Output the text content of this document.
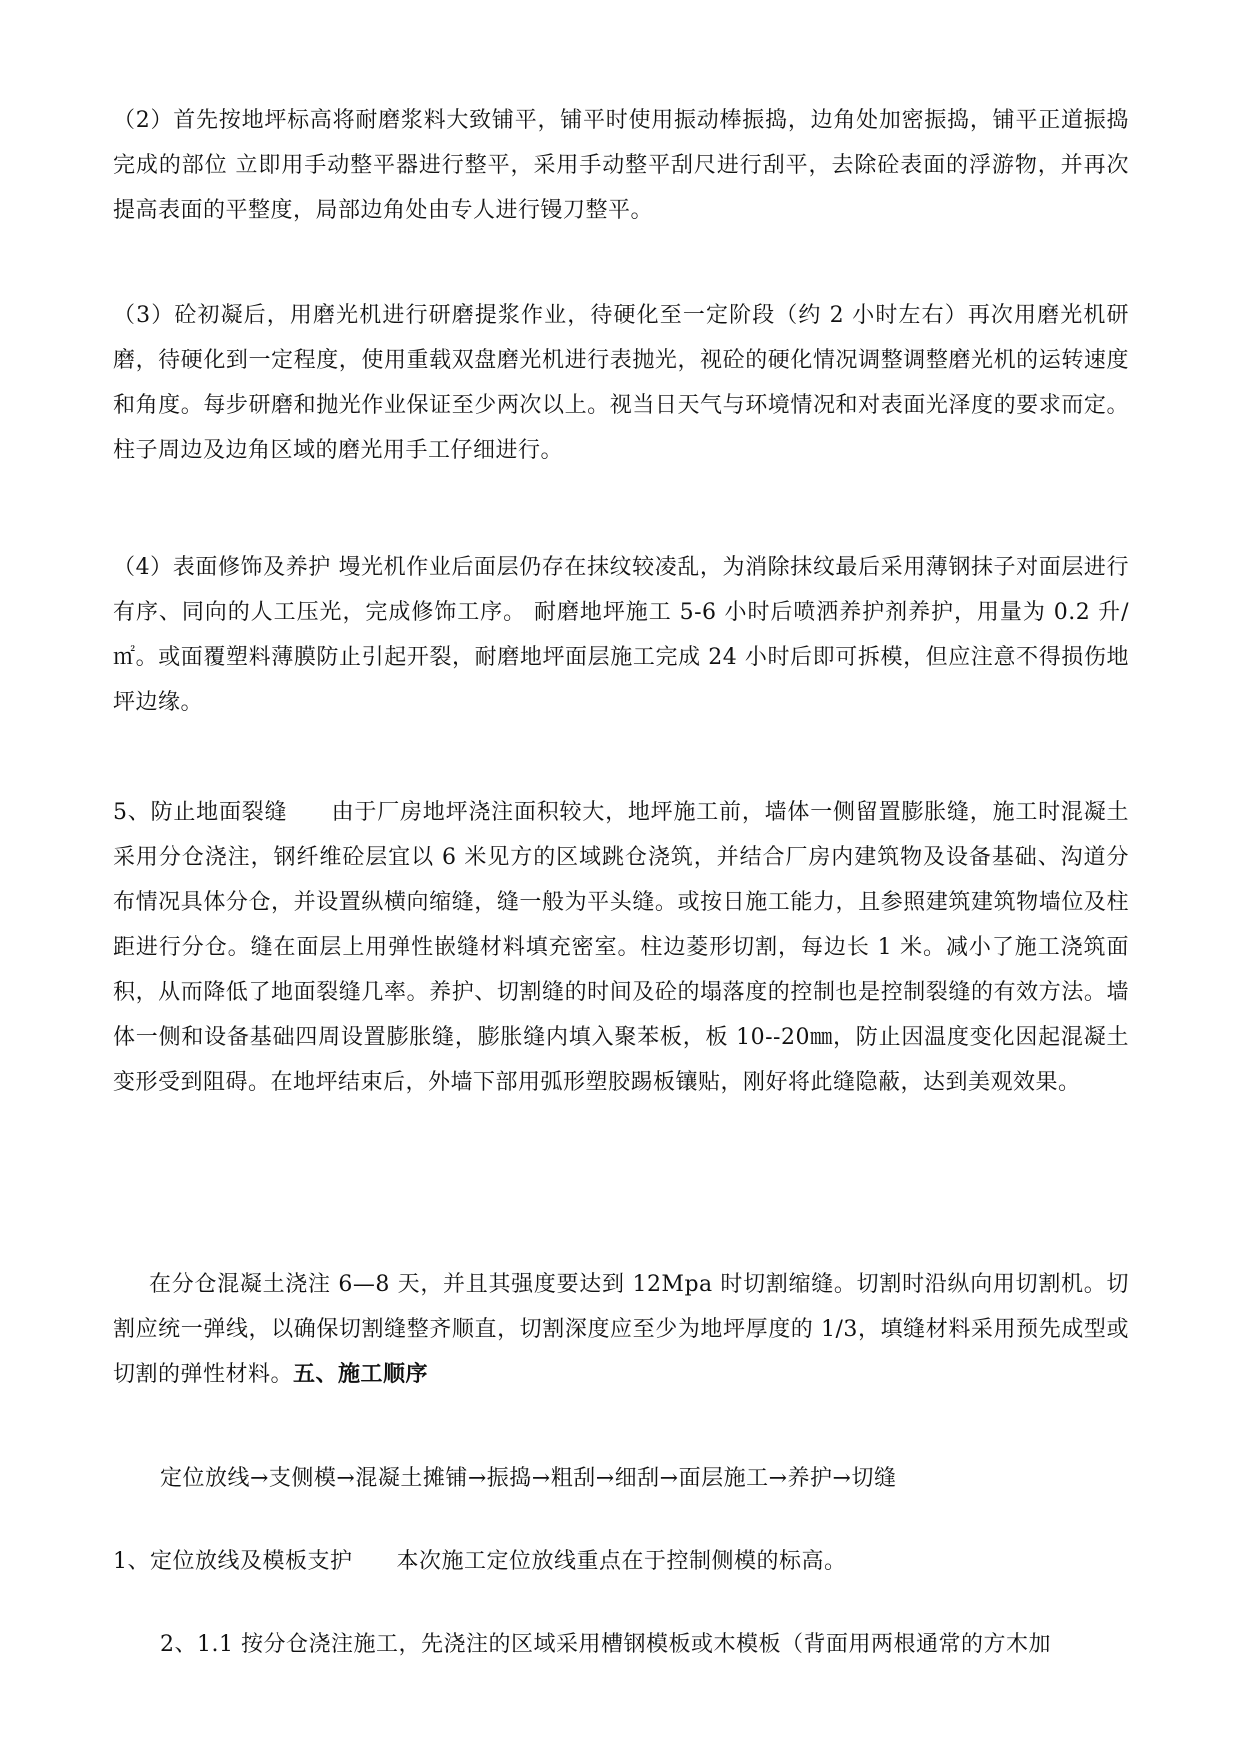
（2）首先按地坪标高将耐磨浆料大致铺平，铺平时使用振动棒振捣，边角处加密振捣，铺平正道振捣完成的部位 立即用手动整平器进行整平，采用手动整平刮尺进行刮平，去除砼表面的浮游物，并再次提高表面的平整度，局部边角处由专人进行镘刀整平。

（3）砼初凝后，用磨光机进行研磨提浆作业，待硬化至一定阶段（约 2 小时左右）再次用磨光机研磨，待硬化到一定程度，使用重载双盘磨光机进行表抛光，视砼的硬化情况调整调整磨光机的运转速度和角度。每步研磨和抛光作业保证至少两次以上。视当日天气与环境情况和对表面光泽度的要求而定。柱子周边及边角区域的磨光用手工仔细进行。

（4）表面修饰及养护 墁光机作业后面层仍存在抹纹较凌乱，为消除抹纹最后采用薄钢抹子对面层进行有序、同向的人工压光，完成修饰工序。 耐磨地坪施工 5-6 小时后喷洒养护剂养护，用量为 0.2 升/㎡。或面覆塑料薄膜防止引起开裂，耐磨地坪面层施工完成 24 小时后即可拆模，但应注意不得损伤地坪边缘。

5、防止地面裂缝 由于厂房地坪浇注面积较大，地坪施工前，墙体一侧留置膨胀缝，施工时混凝土采用分仓浇注，钢纤维砼层宜以 6 米见方的区域跳仓浇筑，并结合厂房内建筑物及设备基础、沟道分布情况具体分仓，并设置纵横向缩缝，缝一般为平头缝。或按日施工能力，且参照建筑建筑物墙位及柱距进行分仓。缝在面层上用弹性嵌缝材料填充密室。柱边菱形切割，每边长 1 米。减小了施工浇筑面积，从而降低了地面裂缝几率。养护、切割缝的时间及砼的塌落度的控制也是控制裂缝的有效方法。墙体一侧和设备基础四周设置膨胀缝，膨胀缝内填入聚苯板，板 10--20㎜，防止因温度变化因起混凝土变形受到阻碍。在地坪结束后，外墙下部用弧形塑胶踢板镶贴，刚好将此缝隐蔽，达到美观效果。

在分仓混凝土浇注 6—8 天，并且其强度要达到 12Mpa 时切割缩缝。切割时沿纵向用切割机。切割应统一弹线，以确保切割缝整齐顺直，切割深度应至少为地坪厚度的 1/3，填缝材料采用预先成型或切割的弹性材料。五、施工顺序

定位放线→支侧模→混凝土摊铺→振捣→粗刮→细刮→面层施工→养护→切缝

1、定位放线及模板支护 本次施工定位放线重点在于控制侧模的标高。

2、1.1 按分仓浇注施工，先浇注的区域采用槽钢模板或木模板（背面用两根通常的方木加
